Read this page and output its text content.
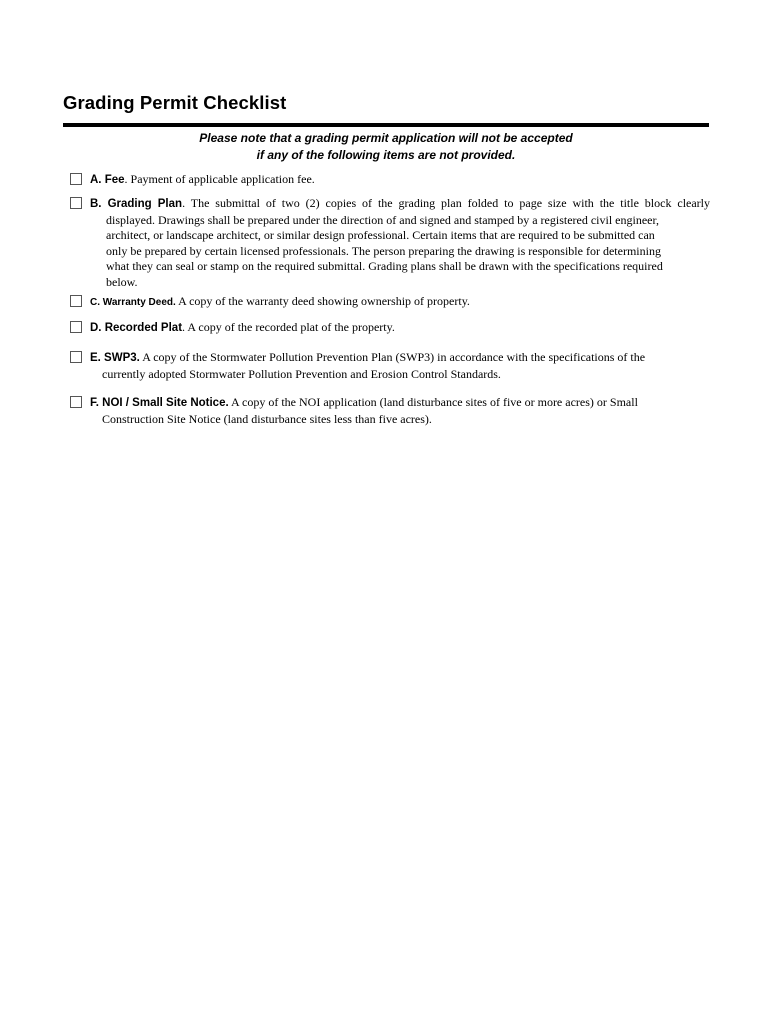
Grading Permit Checklist
Please note that a grading permit application will not be accepted
if any of the following items are not provided.
A. Fee. Payment of applicable application fee.
B. Grading Plan. The submittal of two (2) copies of the grading plan folded to page size with the title block clearly
displayed. Drawings shall be prepared under the direction of and signed and stamped by a registered civil engineer,
architect, or landscape architect, or similar design professional. Certain items that are required to be submitted can
only be prepared by certain licensed professionals. The person preparing the drawing is responsible for determining
what they can seal or stamp on the required submittal. Grading plans shall be drawn with the specifications required
below.
C. Warranty Deed. A copy of the warranty deed showing ownership of property.
D. Recorded Plat. A copy of the recorded plat of the property.
E. SWP3. A copy of the Stormwater Pollution Prevention Plan (SWP3) in accordance with the specifications of the
currently adopted Stormwater Pollution Prevention and Erosion Control Standards.
F. NOI / Small Site Notice. A copy of the NOI application (land disturbance sites of five or more acres) or Small
Construction Site Notice (land disturbance sites less than five acres).
